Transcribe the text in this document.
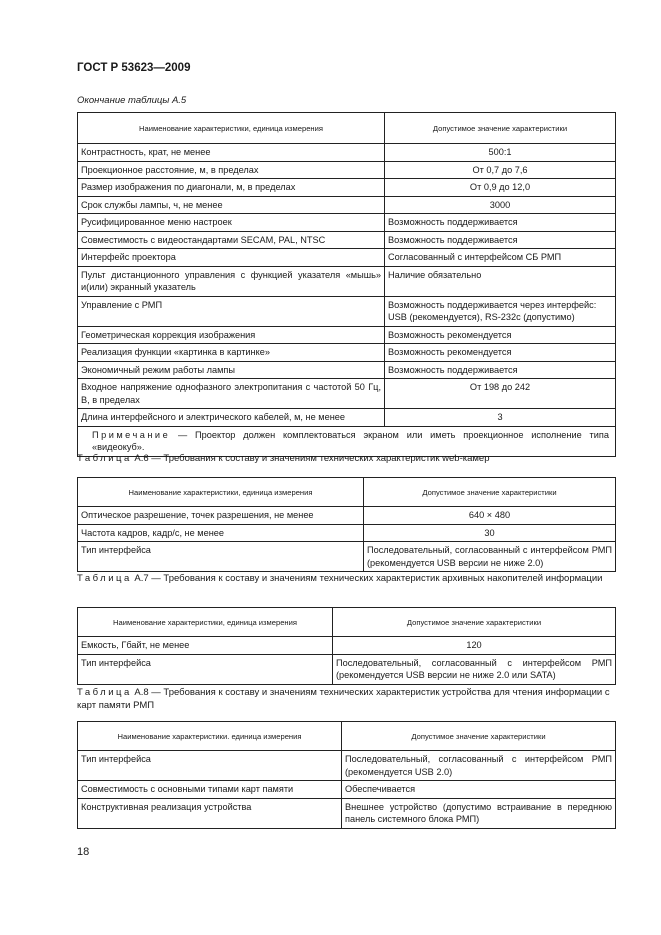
ГОСТ Р 53623—2009
Окончание таблицы А.5
Наименование характеристики, единица измерения	Допустимое значение характеристики
Контрастность, крат, не менее	500:1
Проекционное расстояние, м, в пределах	От 0,7 до 7,6
Размер изображения по диагонали, м, в пределах	От 0,9 до 12,0
Срок службы лампы, ч, не менее	3000
Русифицированное меню настроек	Возможность поддерживается
Совместимость с видеостандартами SECAM, PAL, NTSC	Возможность поддерживается
Интерфейс проектора	Согласованный с интерфейсом СБ РМП
Пульт дистанционного управления с функцией указателя «мышь» и(или) экранный указатель	Наличие обязательно
Управление с РМП	Возможность поддерживается через интерфейс: USB (рекомендуется), RS-232c (допустимо)
Геометрическая коррекция изображения	Возможность рекомендуется
Реализация функции «картинка в картинке»	Возможность рекомендуется
Экономичный режим работы лампы	Возможность поддерживается
Входное напряжение однофазного электропитания с частотой 50 Гц, В, в пределах	От 198 до 242
Длина интерфейсного и электрического кабелей, м, не менее	3
Примечание — Проектор должен комплектоваться экраном или иметь проекционное исполнение типа «видеокуб».	
Таблица А.6 — Требования к составу и значениям технических характеристик web-камер
Наименование характеристики, единица измерения	Допустимое значение характеристики
Оптическое разрешение, точек разрешения, не менее	640 × 480
Частота кадров, кадр/с, не менее	30
Тип интерфейса	Последовательный, согласованный с интерфейсом РМП (рекомендуется USB версии не ниже 2.0)
Таблица А.7 — Требования к составу и значениям технических характеристик архивных накопителей информации
Наименование характеристики, единица измерения	Допустимое значение характеристики
Емкость, Гбайт, не менее	120
Тип интерфейса	Последовательный, согласованный с интерфейсом РМП (рекомендуется USB версии не ниже 2.0 или SATA)
Таблица А.8 — Требования к составу и значениям технических характеристик устройства для чтения информации с карт памяти РМП
Наименование характеристики. единица измерения	Допустимое значение характеристики
Тип интерфейса	Последовательный, согласованный с интерфейсом РМП (рекомендуется USB 2.0)
Совместимость с основными типами карт памяти	Обеспечивается
Конструктивная реализация устройства	Внешнее устройство (допустимо встраивание в переднюю панель системного блока РМП)
18
